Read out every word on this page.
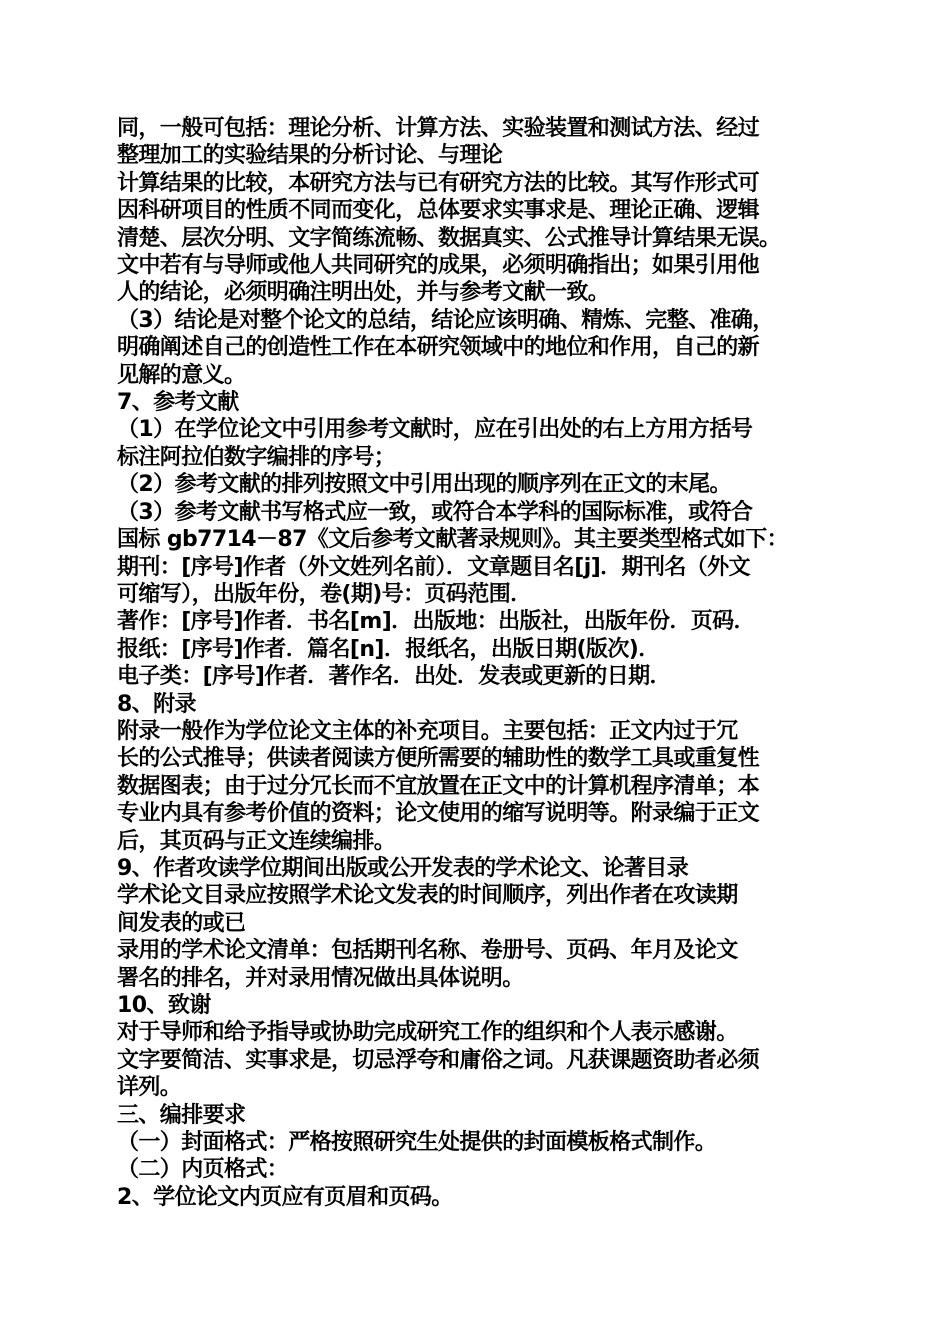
同，一般可包括：理论分析、计算方法、实验装置和测试方法、经过
整理加工的实验结果的分析讨论、与理论
计算结果的比较，本研究方法与已有研究方法的比较。其写作形式可
因科研项目的性质不同而变化，总体要求实事求是、理论正确、逻辑
清楚、层次分明、文字简练流畅、数据真实、公式推导计算结果无误。
文中若有与导师或他人共同研究的成果，必须明确指出；如果引用他
人的结论，必须明确注明出处，并与参考文献一致。
（3）结论是对整个论文的总结，结论应该明确、精炼、完整、准确，
明确阐述自己的创造性工作在本研究领域中的地位和作用，自己的新
见解的意义。
7、参考文献
（1）在学位论文中引用参考文献时，应在引出处的右上方用方括号
标注阿拉伯数字编排的序号；
（2）参考文献的排列按照文中引用出现的顺序列在正文的末尾。
（3）参考文献书写格式应一致，或符合本学科的国际标准，或符合
国标 gb7714－87《文后参考文献著录规则》。其主要类型格式如下：
期刊：[序号]作者（外文姓列名前）．文章题目名[j]．期刊名（外文
可缩写），出版年份，卷(期)号：页码范围．
著作：[序号]作者．书名[m]．出版地：出版社，出版年份．页码．
报纸：[序号]作者．篇名[n]．报纸名，出版日期(版次)．
电子类：[序号]作者．著作名．出处．发表或更新的日期．
8、附录
附录一般作为学位论文主体的补充项目。主要包括：正文内过于冗
长的公式推导；供读者阅读方便所需要的辅助性的数学工具或重复性
数据图表；由于过分冗长而不宜放置在正文中的计算机程序清单；本
专业内具有参考价值的资料；论文使用的缩写说明等。附录编于正文
后，其页码与正文连续编排。
9、作者攻读学位期间出版或公开发表的学术论文、论著目录
学术论文目录应按照学术论文发表的时间顺序，列出作者在攻读期
间发表的或已
录用的学术论文清单：包括期刊名称、卷册号、页码、年月及论文
署名的排名，并对录用情况做出具体说明。
10、致谢
对于导师和给予指导或协助完成研究工作的组织和个人表示感谢。
文字要简洁、实事求是，切忌浮夸和庸俗之词。凡获课题资助者必须
详列。
三、编排要求
（一）封面格式：严格按照研究生处提供的封面模板格式制作。
（二）内页格式：
2、学位论文内页应有页眉和页码。
